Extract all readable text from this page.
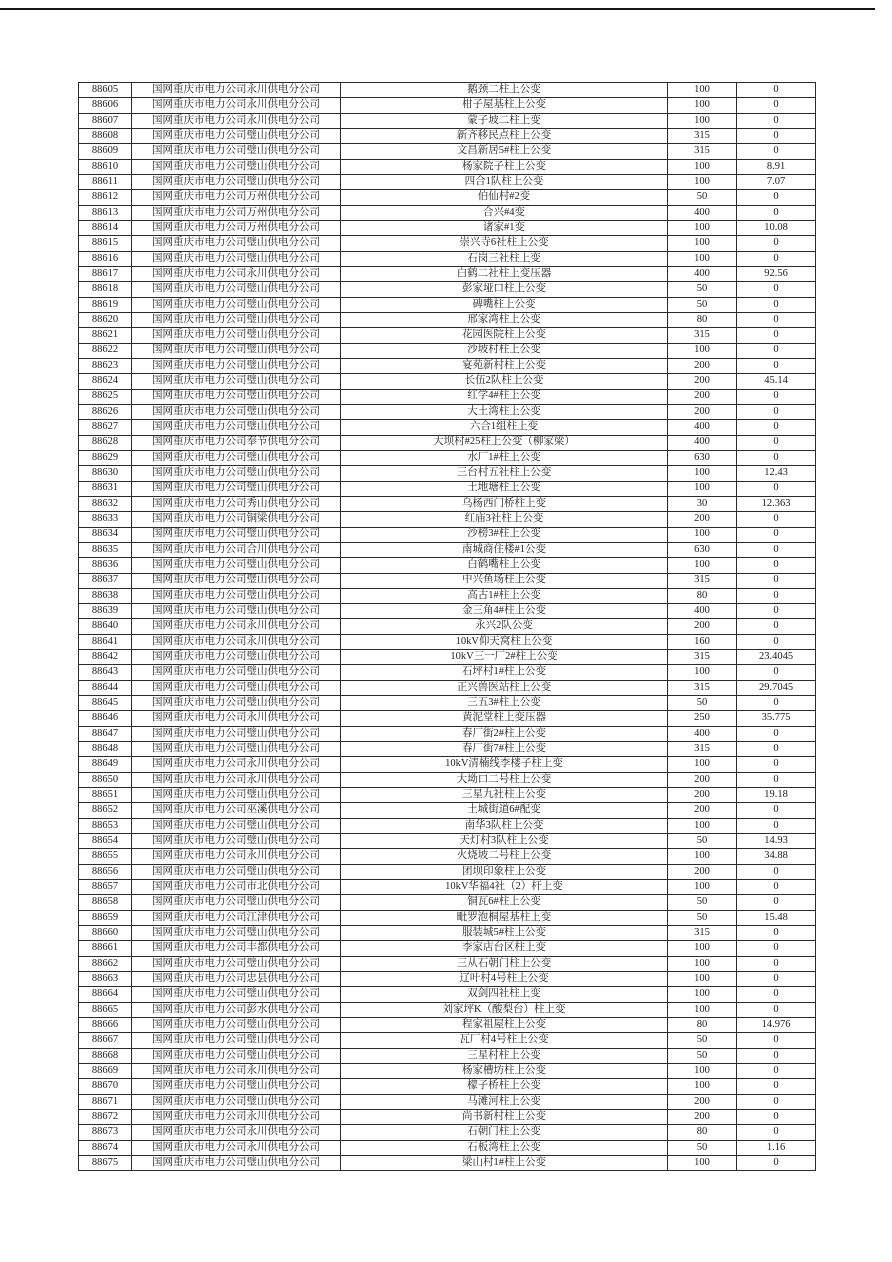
88605	国网重庆市电力公司永川供电分公司	鹅颈二柱上公变	100	0
88606	国网重庆市电力公司永川供电分公司	柑子屋基柱上公变	100	0
88607	国网重庆市电力公司永川供电分公司	蒙子坡二柱上变	100	0
88608	国网重庆市电力公司璧山供电分公司	新齐移民点柱上公变	315	0
88609	国网重庆市电力公司璧山供电分公司	文昌新居5#柱上公变	315	0
88610	国网重庆市电力公司璧山供电分公司	杨家院子柱上公变	100	8.91
88611	国网重庆市电力公司璧山供电分公司	四合1队柱上公变	100	7.07
88612	国网重庆市电力公司万州供电分公司	伯仙村#2变	50	0
88613	国网重庆市电力公司万州供电分公司	合兴#4变	400	0
88614	国网重庆市电力公司万州供电分公司	诸家#1变	100	10.08
88615	国网重庆市电力公司璧山供电分公司	崇兴寺6社柱上公变	100	0
88616	国网重庆市电力公司璧山供电分公司	石岗三社柱上变	100	0
88617	国网重庆市电力公司永川供电分公司	白鹤二社柱上变压器	400	92.56
88618	国网重庆市电力公司璧山供电分公司	彭家垭口柱上公变	50	0
88619	国网重庆市电力公司璧山供电分公司	碑嘴柱上公变	50	0
88620	国网重庆市电力公司璧山供电分公司	邢家湾柱上公变	80	0
88621	国网重庆市电力公司璧山供电分公司	花园医院柱上公变	315	0
88622	国网重庆市电力公司璧山供电分公司	沙坡村柱上公变	100	0
88623	国网重庆市电力公司璧山供电分公司	宴苑新村柱上公变	200	0
88624	国网重庆市电力公司璧山供电分公司	长伍2队柱上公变	200	45.14
88625	国网重庆市电力公司璧山供电分公司	红学4#柱上公变	200	0
88626	国网重庆市电力公司璧山供电分公司	大土湾柱上公变	200	0
88627	国网重庆市电力公司璧山供电分公司	六合1组柱上变	400	0
88628	国网重庆市电力公司奉节供电分公司	大坝村#25柱上公变（柳家梁）	400	0
88629	国网重庆市电力公司璧山供电分公司	水厂1#柱上公变	630	0
88630	国网重庆市电力公司璧山供电分公司	三台村五社柱上公变	100	12.43
88631	国网重庆市电力公司璧山供电分公司	土地塘柱上公变	100	0
88632	国网重庆市电力公司秀山供电分公司	乌杨西门桥柱上变	30	12.363
88633	国网重庆市电力公司铜梁供电分公司	红庙3社柱上公变	200	0
88634	国网重庆市电力公司璧山供电分公司	沙榜3#柱上公变	100	0
88635	国网重庆市电力公司合川供电分公司	南城商住楼#1公变	630	0
88636	国网重庆市电力公司璧山供电分公司	白鹤嘴柱上公变	100	0
88637	国网重庆市电力公司璧山供电分公司	中兴鱼场柱上公变	315	0
88638	国网重庆市电力公司璧山供电分公司	高古1#柱上公变	80	0
88639	国网重庆市电力公司璧山供电分公司	金三角4#柱上公变	400	0
88640	国网重庆市电力公司永川供电分公司	永兴2队公变	200	0
88641	国网重庆市电力公司永川供电分公司	10kV仰天窝柱上公变	160	0
88642	国网重庆市电力公司璧山供电分公司	10kV三一厂2#柱上公变	315	23.4045
88643	国网重庆市电力公司璧山供电分公司	石坪村1#柱上公变	100	0
88644	国网重庆市电力公司璧山供电分公司	正兴兽医站柱上公变	315	29.7045
88645	国网重庆市电力公司璧山供电分公司	三五3#柱上公变	50	0
88646	国网重庆市电力公司永川供电分公司	黄泥堂柱上变压器	250	35.775
88647	国网重庆市电力公司璧山供电分公司	春厂街2#柱上公变	400	0
88648	国网重庆市电力公司璧山供电分公司	春厂街7#柱上公变	315	0
88649	国网重庆市电力公司永川供电分公司	10kV清楠线李楼子柱上变	100	0
88650	国网重庆市电力公司永川供电分公司	大坳口二号柱上公变	200	0
88651	国网重庆市电力公司璧山供电分公司	三星九社柱上公变	200	19.18
88652	国网重庆市电力公司巫溪供电分公司	土城街道6#配变	200	0
88653	国网重庆市电力公司璧山供电分公司	南华3队柱上公变	100	0
88654	国网重庆市电力公司璧山供电分公司	天灯村3队柱上公变	50	14.93
88655	国网重庆市电力公司永川供电分公司	火烧坡二号柱上公变	100	34.88
88656	国网重庆市电力公司璧山供电分公司	团坝印象柱上公变	200	0
88657	国网重庆市电力公司市北供电分公司	10kV华福4社（2）杆上变	100	0
88658	国网重庆市电力公司璧山供电分公司	铜瓦6#柱上公变	50	0
88659	国网重庆市电力公司江津供电分公司	毗罗泡桐屋基柱上变	50	15.48
88660	国网重庆市电力公司璧山供电分公司	服装城5#柱上公变	315	0
88661	国网重庆市电力公司丰都供电分公司	李家店台区柱上变	100	0
88662	国网重庆市电力公司璧山供电分公司	三从石朝门柱上公变	100	0
88663	国网重庆市电力公司忠县供电分公司	辽叶村4号柱上公变	100	0
88664	国网重庆市电力公司璧山供电分公司	双剑四社柱上变	100	0
88665	国网重庆市电力公司彭水供电分公司	刘家坪K（酸梨台）柱上变	100	0
88666	国网重庆市电力公司璧山供电分公司	程家祖屋柱上公变	80	14.976
88667	国网重庆市电力公司璧山供电分公司	瓦厂村4号柱上公变	50	0
88668	国网重庆市电力公司璧山供电分公司	三星村柱上公变	50	0
88669	国网重庆市电力公司永川供电分公司	杨家槽坊柱上公变	100	0
88670	国网重庆市电力公司璧山供电分公司	檬子桥柱上公变	100	0
88671	国网重庆市电力公司璧山供电分公司	马滩河柱上公变	200	0
88672	国网重庆市电力公司永川供电分公司	尚书新村柱上公变	200	0
88673	国网重庆市电力公司永川供电分公司	石朝门柱上公变	80	0
88674	国网重庆市电力公司永川供电分公司	石板湾柱上公变	50	1.16
88675	国网重庆市电力公司璧山供电分公司	梁山村1#柱上公变	100	0
